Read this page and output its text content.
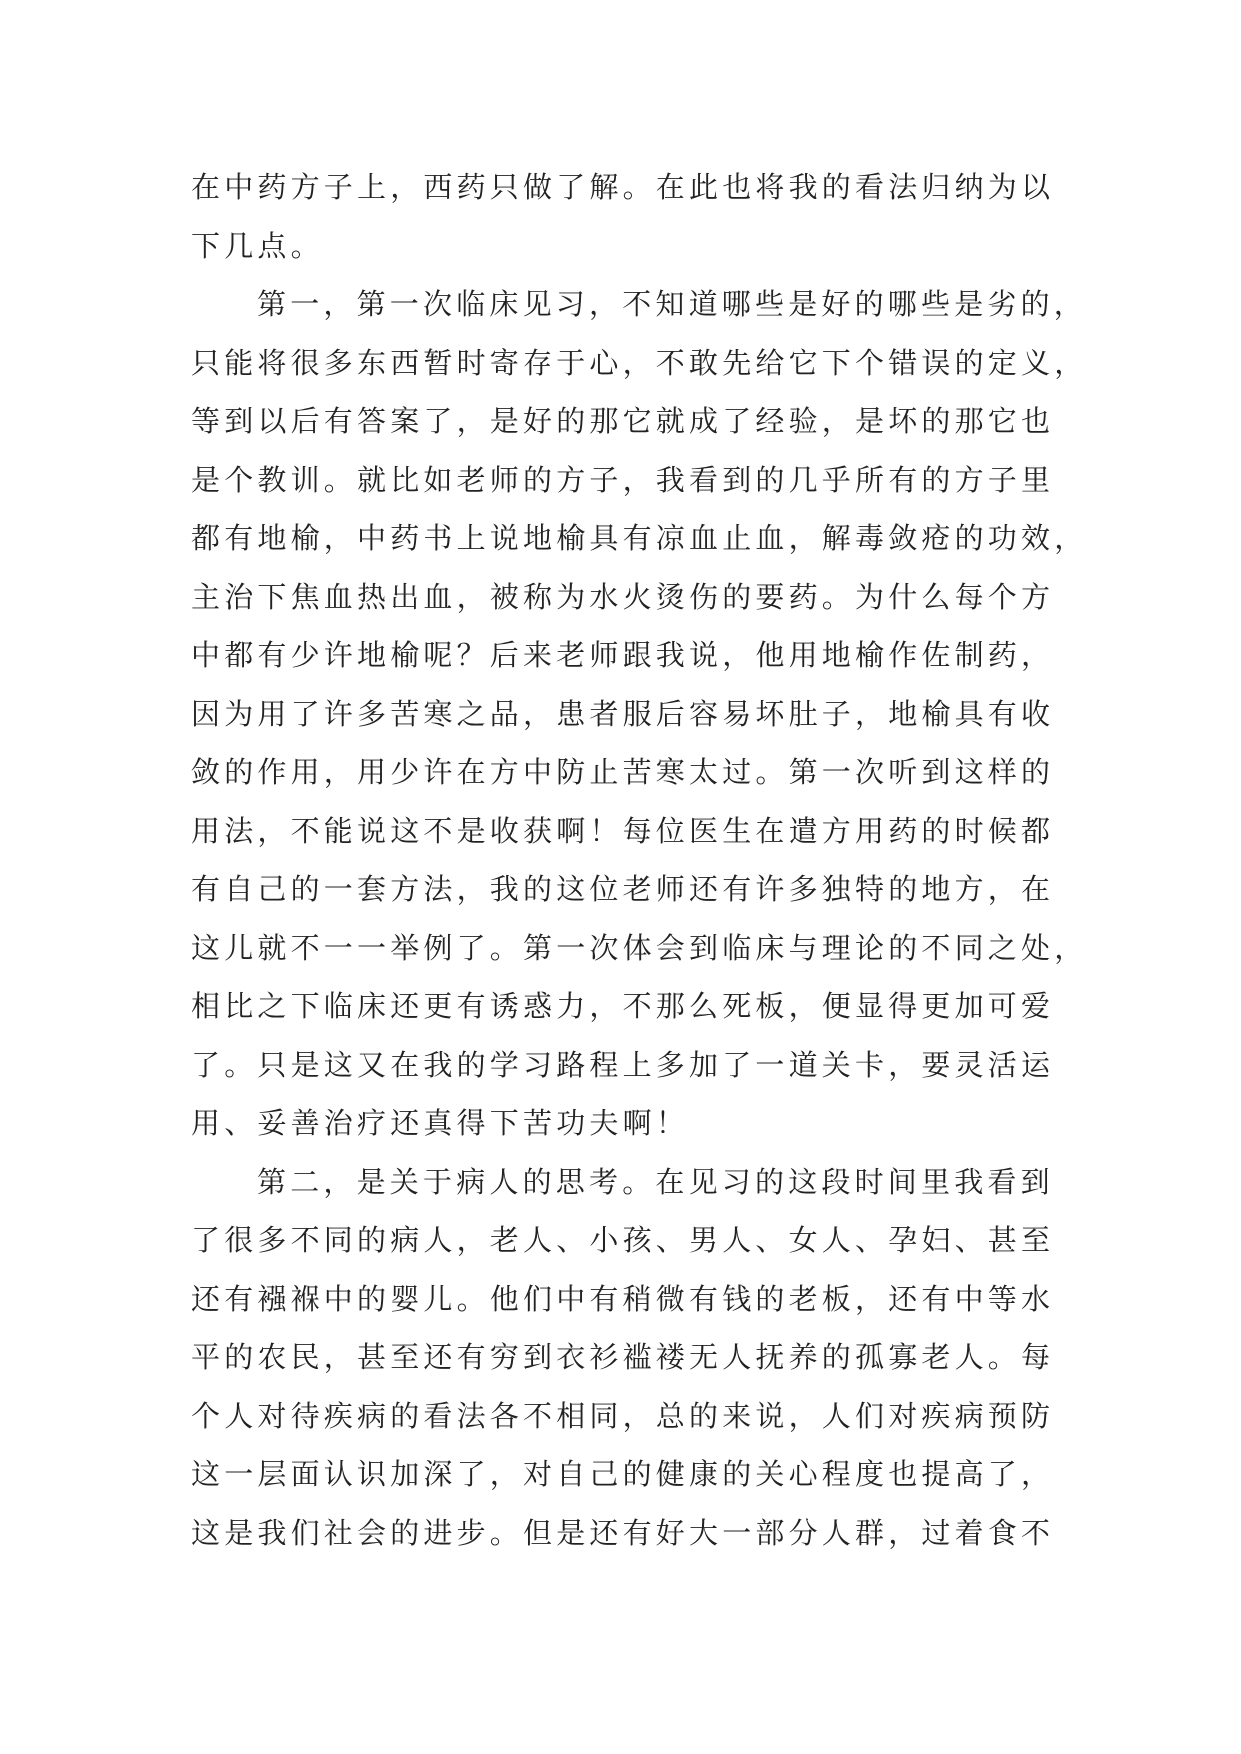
在中药方子上，西药只做了解。在此也将我的看法归纳为以
下几点。
第一，第一次临床见习，不知道哪些是好的哪些是劣的，
只能将很多东西暂时寄存于心，不敢先给它下个错误的定义，
等到以后有答案了，是好的那它就成了经验，是坏的那它也
是个教训。就比如老师的方子，我看到的几乎所有的方子里
都有地榆，中药书上说地榆具有凉血止血，解毒敛疮的功效，
主治下焦血热出血，被称为水火烫伤的要药。为什么每个方
中都有少许地榆呢？后来老师跟我说，他用地榆作佐制药，
因为用了许多苦寒之品，患者服后容易坏肚子，地榆具有收
敛的作用，用少许在方中防止苦寒太过。第一次听到这样的
用法，不能说这不是收获啊！每位医生在遣方用药的时候都
有自己的一套方法，我的这位老师还有许多独特的地方，在
这儿就不一一举例了。第一次体会到临床与理论的不同之处，
相比之下临床还更有诱惑力，不那么死板，便显得更加可爱
了。只是这又在我的学习路程上多加了一道关卡，要灵活运
用、妥善治疗还真得下苦功夫啊！
第二，是关于病人的思考。在见习的这段时间里我看到
了很多不同的病人，老人、小孩、男人、女人、孕妇、甚至
还有襁褓中的婴儿。他们中有稍微有钱的老板，还有中等水
平的农民，甚至还有穷到衣衫褴褛无人抚养的孤寡老人。每
个人对待疾病的看法各不相同，总的来说，人们对疾病预防
这一层面认识加深了，对自己的健康的关心程度也提高了，
这是我们社会的进步。但是还有好大一部分人群，过着食不
